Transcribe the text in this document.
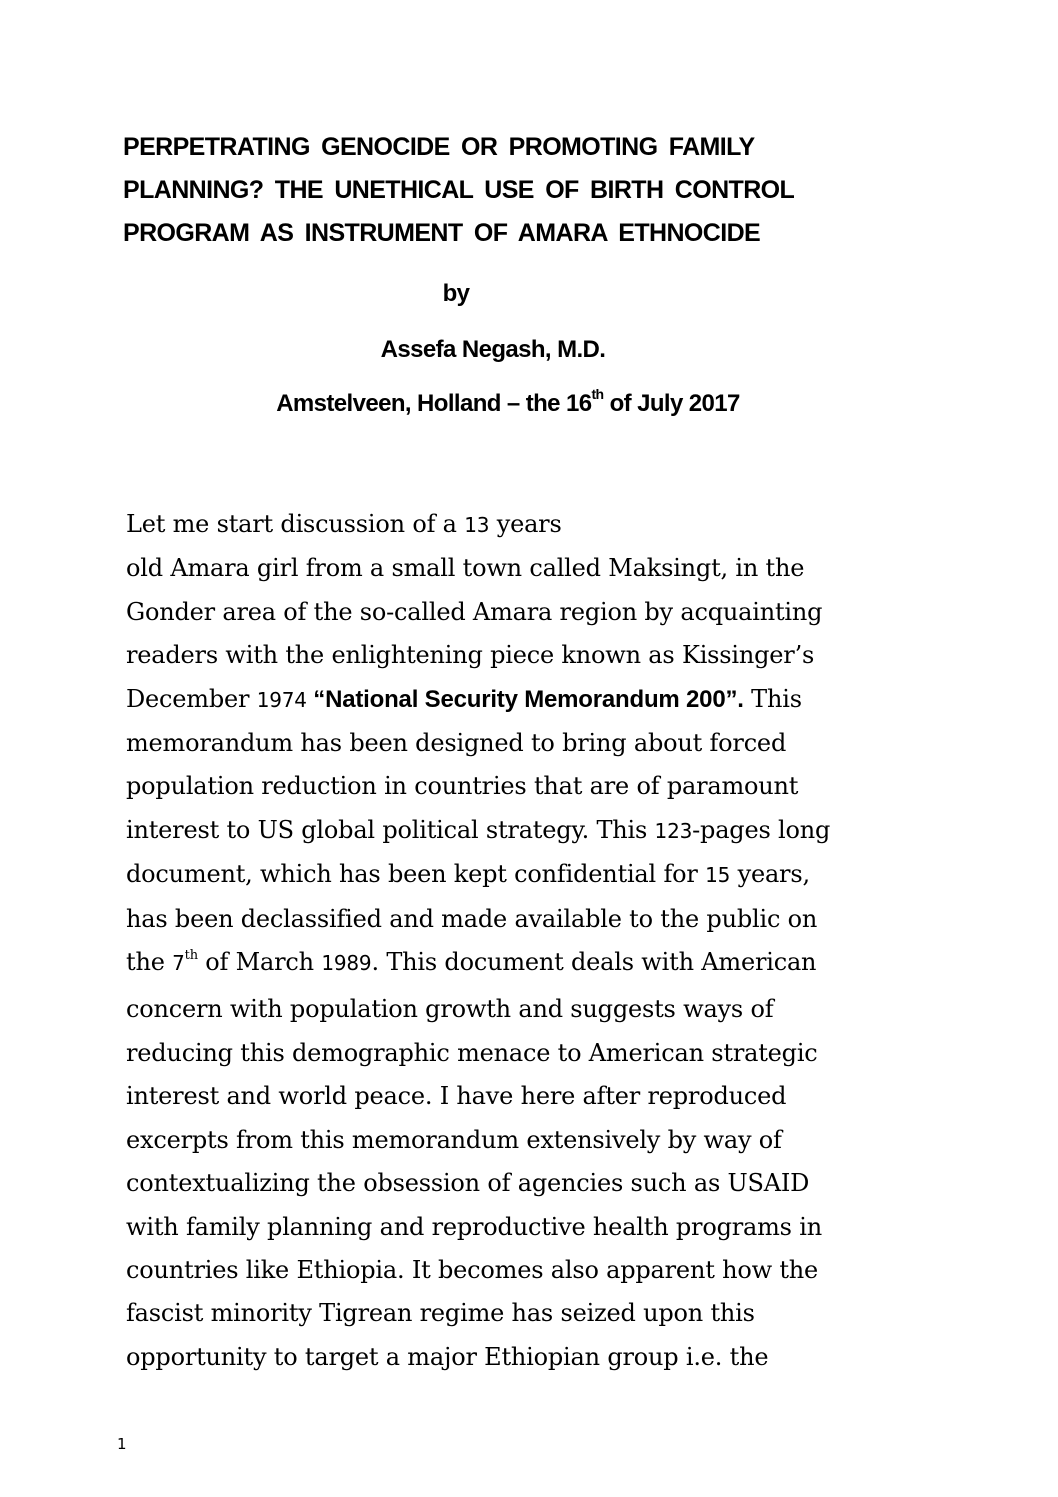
PERPETRATING GENOCIDE OR PROMOTING FAMILY
PLANNING? THE UNETHICAL USE OF BIRTH CONTROL
PROGRAM AS INSTRUMENT OF AMARA ETHNOCIDE

by

Assefa Negash, M.D.

Amstelveen, Holland – the 16th of July 2017

Let me start discussion of a 13 years
old Amara girl from a small town called Maksingt, in the
Gonder area of the so-called Amara region by acquainting
readers with the enlightening piece known as Kissinger’s
December 1974 “National Security Memorandum 200”. This
memorandum has been designed to bring about forced
population reduction in countries that are of paramount
interest to US global political strategy. This 123-pages long
document, which has been kept confidential for 15 years,
has been declassified and made available to the public on
the 7th of March 1989. This document deals with American
concern with population growth and suggests ways of
reducing this demographic menace to American strategic
interest and world peace. I have here after reproduced
excerpts from this memorandum extensively by way of
contextualizing the obsession of agencies such as USAID
with family planning and reproductive health programs in
countries like Ethiopia. It becomes also apparent how the
fascist minority Tigrean regime has seized upon this
opportunity to target a major Ethiopian group i.e. the

1
